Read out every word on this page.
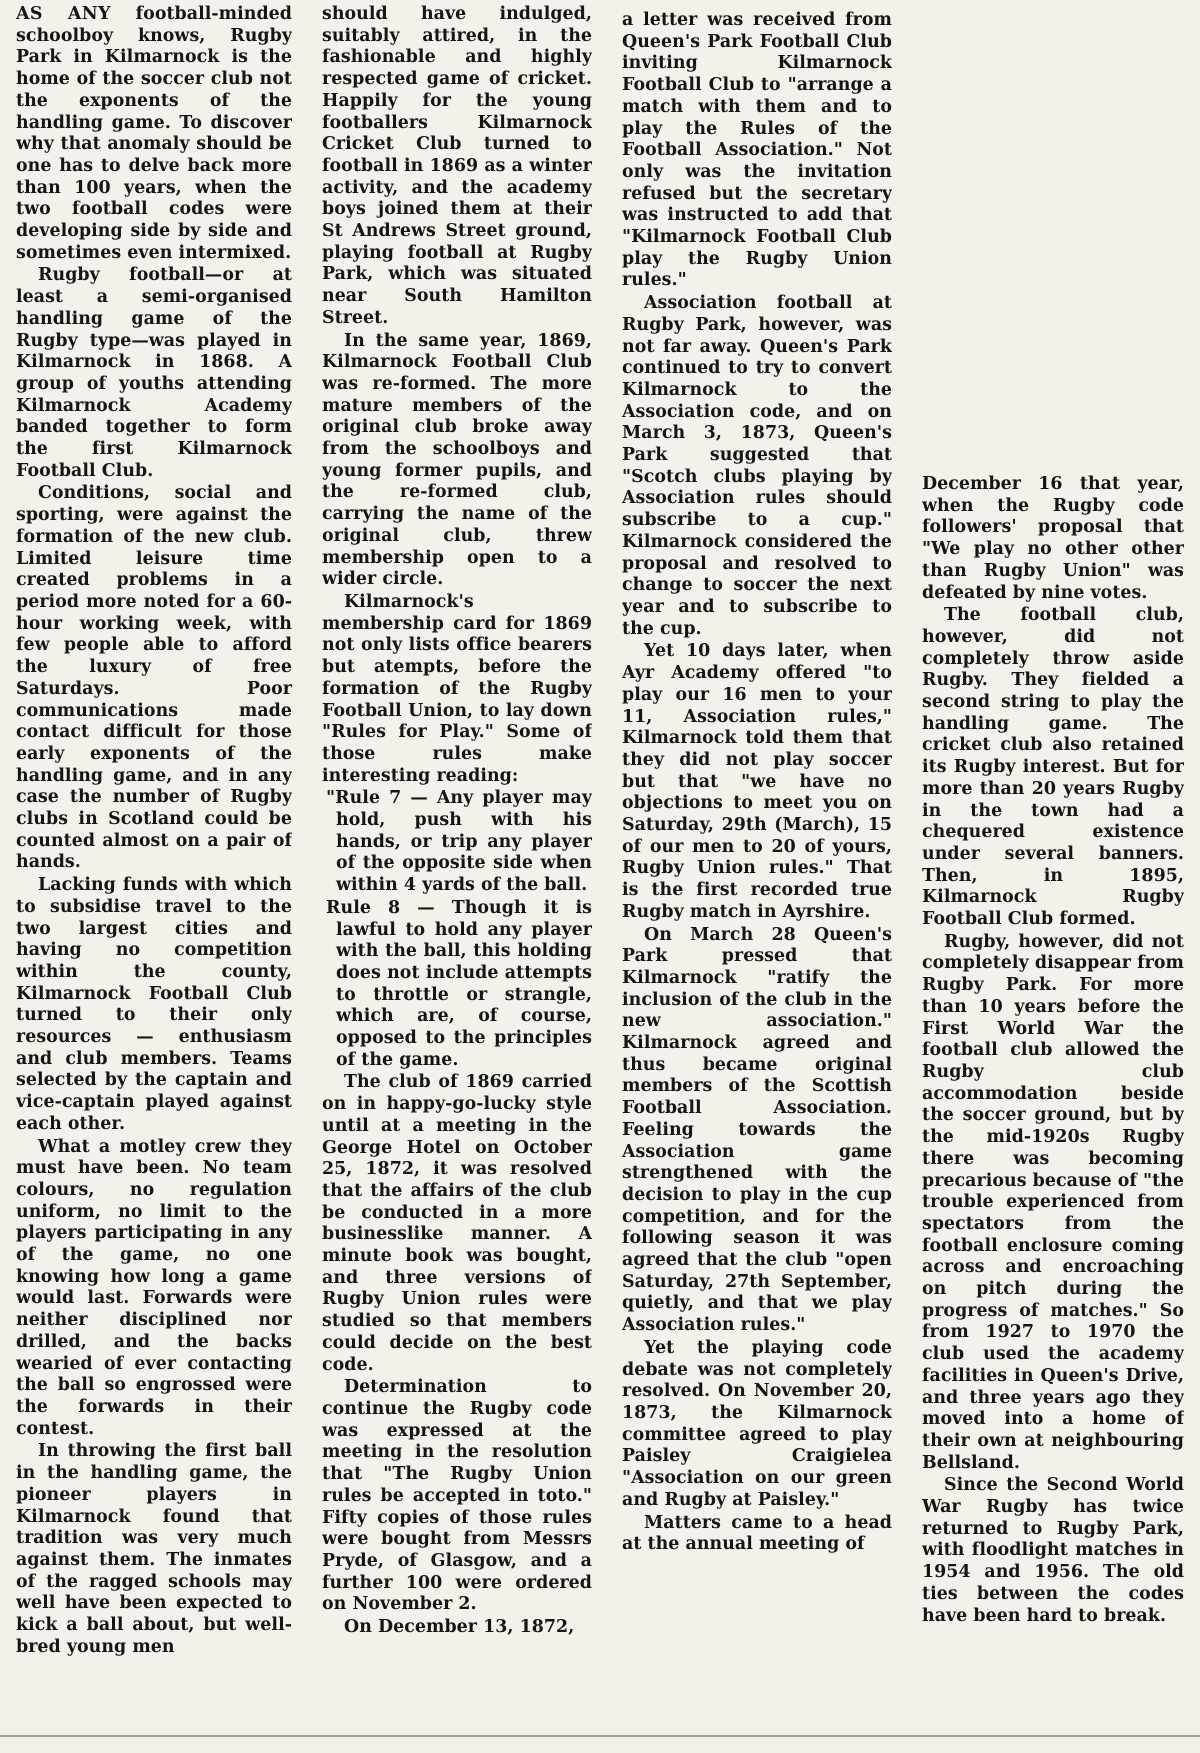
AS ANY football-minded schoolboy knows, Rugby Park in Kilmarnock is the home of the soccer club not the exponents of the handling game. To discover why that anomaly should be one has to delve back more than 100 years, when the two football codes were developing side by side and sometimes even intermixed.

Rugby football—or at least a semi-organised handling game of the Rugby type—was played in Kilmarnock in 1868. A group of youths attending Kilmarnock Academy banded together to form the first Kilmarnock Football Club.

Conditions, social and sporting, were against the formation of the new club. Limited leisure time created problems in a period more noted for a 60-hour working week, with few people able to afford the luxury of free Saturdays. Poor communications made contact difficult for those early exponents of the handling game, and in any case the number of Rugby clubs in Scotland could be counted almost on a pair of hands.

Lacking funds with which to subsidise travel to the two largest cities and having no competition within the county, Kilmarnock Football Club turned to their only resources — enthusiasm and club members. Teams selected by the captain and vice-captain played against each other.

What a motley crew they must have been. No team colours, no regulation uniform, no limit to the players participating in any of the game, no one knowing how long a game would last. Forwards were neither disciplined nor drilled, and the backs wearied of ever contacting the ball so engrossed were the forwards in their contest.

In throwing the first ball in the handling game, the pioneer players in Kilmarnock found that tradition was very much against them. The inmates of the ragged schools may well have been expected to kick a ball about, but well-bred young men

should have indulged, suitably attired, in the fashionable and highly respected game of cricket. Happily for the young footballers Kilmarnock Cricket Club turned to football in 1869 as a winter activity, and the academy boys joined them at their St Andrews Street ground, playing football at Rugby Park, which was situated near South Hamilton Street.

In the same year, 1869, Kilmarnock Football Club was re-formed. The more mature members of the original club broke away from the schoolboys and young former pupils, and the re-formed club, carrying the name of the original club, threw membership open to a wider circle.

Kilmarnock's membership card for 1869 not only lists office bearers but atempts, before the formation of the Rugby Football Union, to lay down "Rules for Play." Some of those rules make interesting reading:

"Rule 7 — Any player may hold, push with his hands, or trip any player of the opposite side when within 4 yards of the ball.

Rule 8 — Though it is lawful to hold any player with the ball, this holding does not include attempts to throttle or strangle, which are, of course, opposed to the principles of the game.

The club of 1869 carried on in happy-go-lucky style until at a meeting in the George Hotel on October 25, 1872, it was resolved that the affairs of the club be conducted in a more businesslike manner. A minute book was bought, and three versions of Rugby Union rules were studied so that members could decide on the best code.

Determination to continue the Rugby code was expressed at the meeting in the resolution that "The Rugby Union rules be accepted in toto." Fifty copies of those rules were bought from Messrs Pryde, of Glasgow, and a further 100 were ordered on November 2.

On December 13, 1872,

a letter was received from Queen's Park Football Club inviting Kilmarnock Football Club to "arrange a match with them and to play the Rules of the Football Association." Not only was the invitation refused but the secretary was instructed to add that "Kilmarnock Football Club play the Rugby Union rules."

Association football at Rugby Park, however, was not far away. Queen's Park continued to try to convert Kilmarnock to the Association code, and on March 3, 1873, Queen's Park suggested that "Scotch clubs playing by Association rules should subscribe to a cup." Kilmarnock considered the proposal and resolved to change to soccer the next year and to subscribe to the cup.

Yet 10 days later, when Ayr Academy offered "to play our 16 men to your 11, Association rules," Kilmarnock told them that they did not play soccer but that "we have no objections to meet you on Saturday, 29th (March), 15 of our men to 20 of yours, Rugby Union rules." That is the first recorded true Rugby match in Ayrshire.

On March 28 Queen's Park pressed that Kilmarnock "ratify the inclusion of the club in the new association." Kilmarnock agreed and thus became original members of the Scottish Football Association. Feeling towards the Association game strengthened with the decision to play in the cup competition, and for the following season it was agreed that the club "open Saturday, 27th September, quietly, and that we play Association rules."

Yet the playing code debate was not completely resolved. On November 20, 1873, the Kilmarnock committee agreed to play Paisley Craigielea "Association on our green and Rugby at Paisley."

Matters came to a head at the annual meeting of

December 16 that year, when the Rugby code followers' proposal that "We play no other other than Rugby Union" was defeated by nine votes.

The football club, however, did not completely throw aside Rugby. They fielded a second string to play the handling game. The cricket club also retained its Rugby interest. But for more than 20 years Rugby in the town had a chequered existence under several banners. Then, in 1895, Kilmarnock Rugby Football Club formed.

Rugby, however, did not completely disappear from Rugby Park. For more than 10 years before the First World War the football club allowed the Rugby club accommodation beside the soccer ground, but by the mid-1920s Rugby there was becoming precarious because of "the trouble experienced from spectators from the football enclosure coming across and encroaching on pitch during the progress of matches." So from 1927 to 1970 the club used the academy facilities in Queen's Drive, and three years ago they moved into a home of their own at neighbouring Bellsland.

Since the Second World War Rugby has twice returned to Rugby Park, with floodlight matches in 1954 and 1956. The old ties between the codes have been hard to break.
